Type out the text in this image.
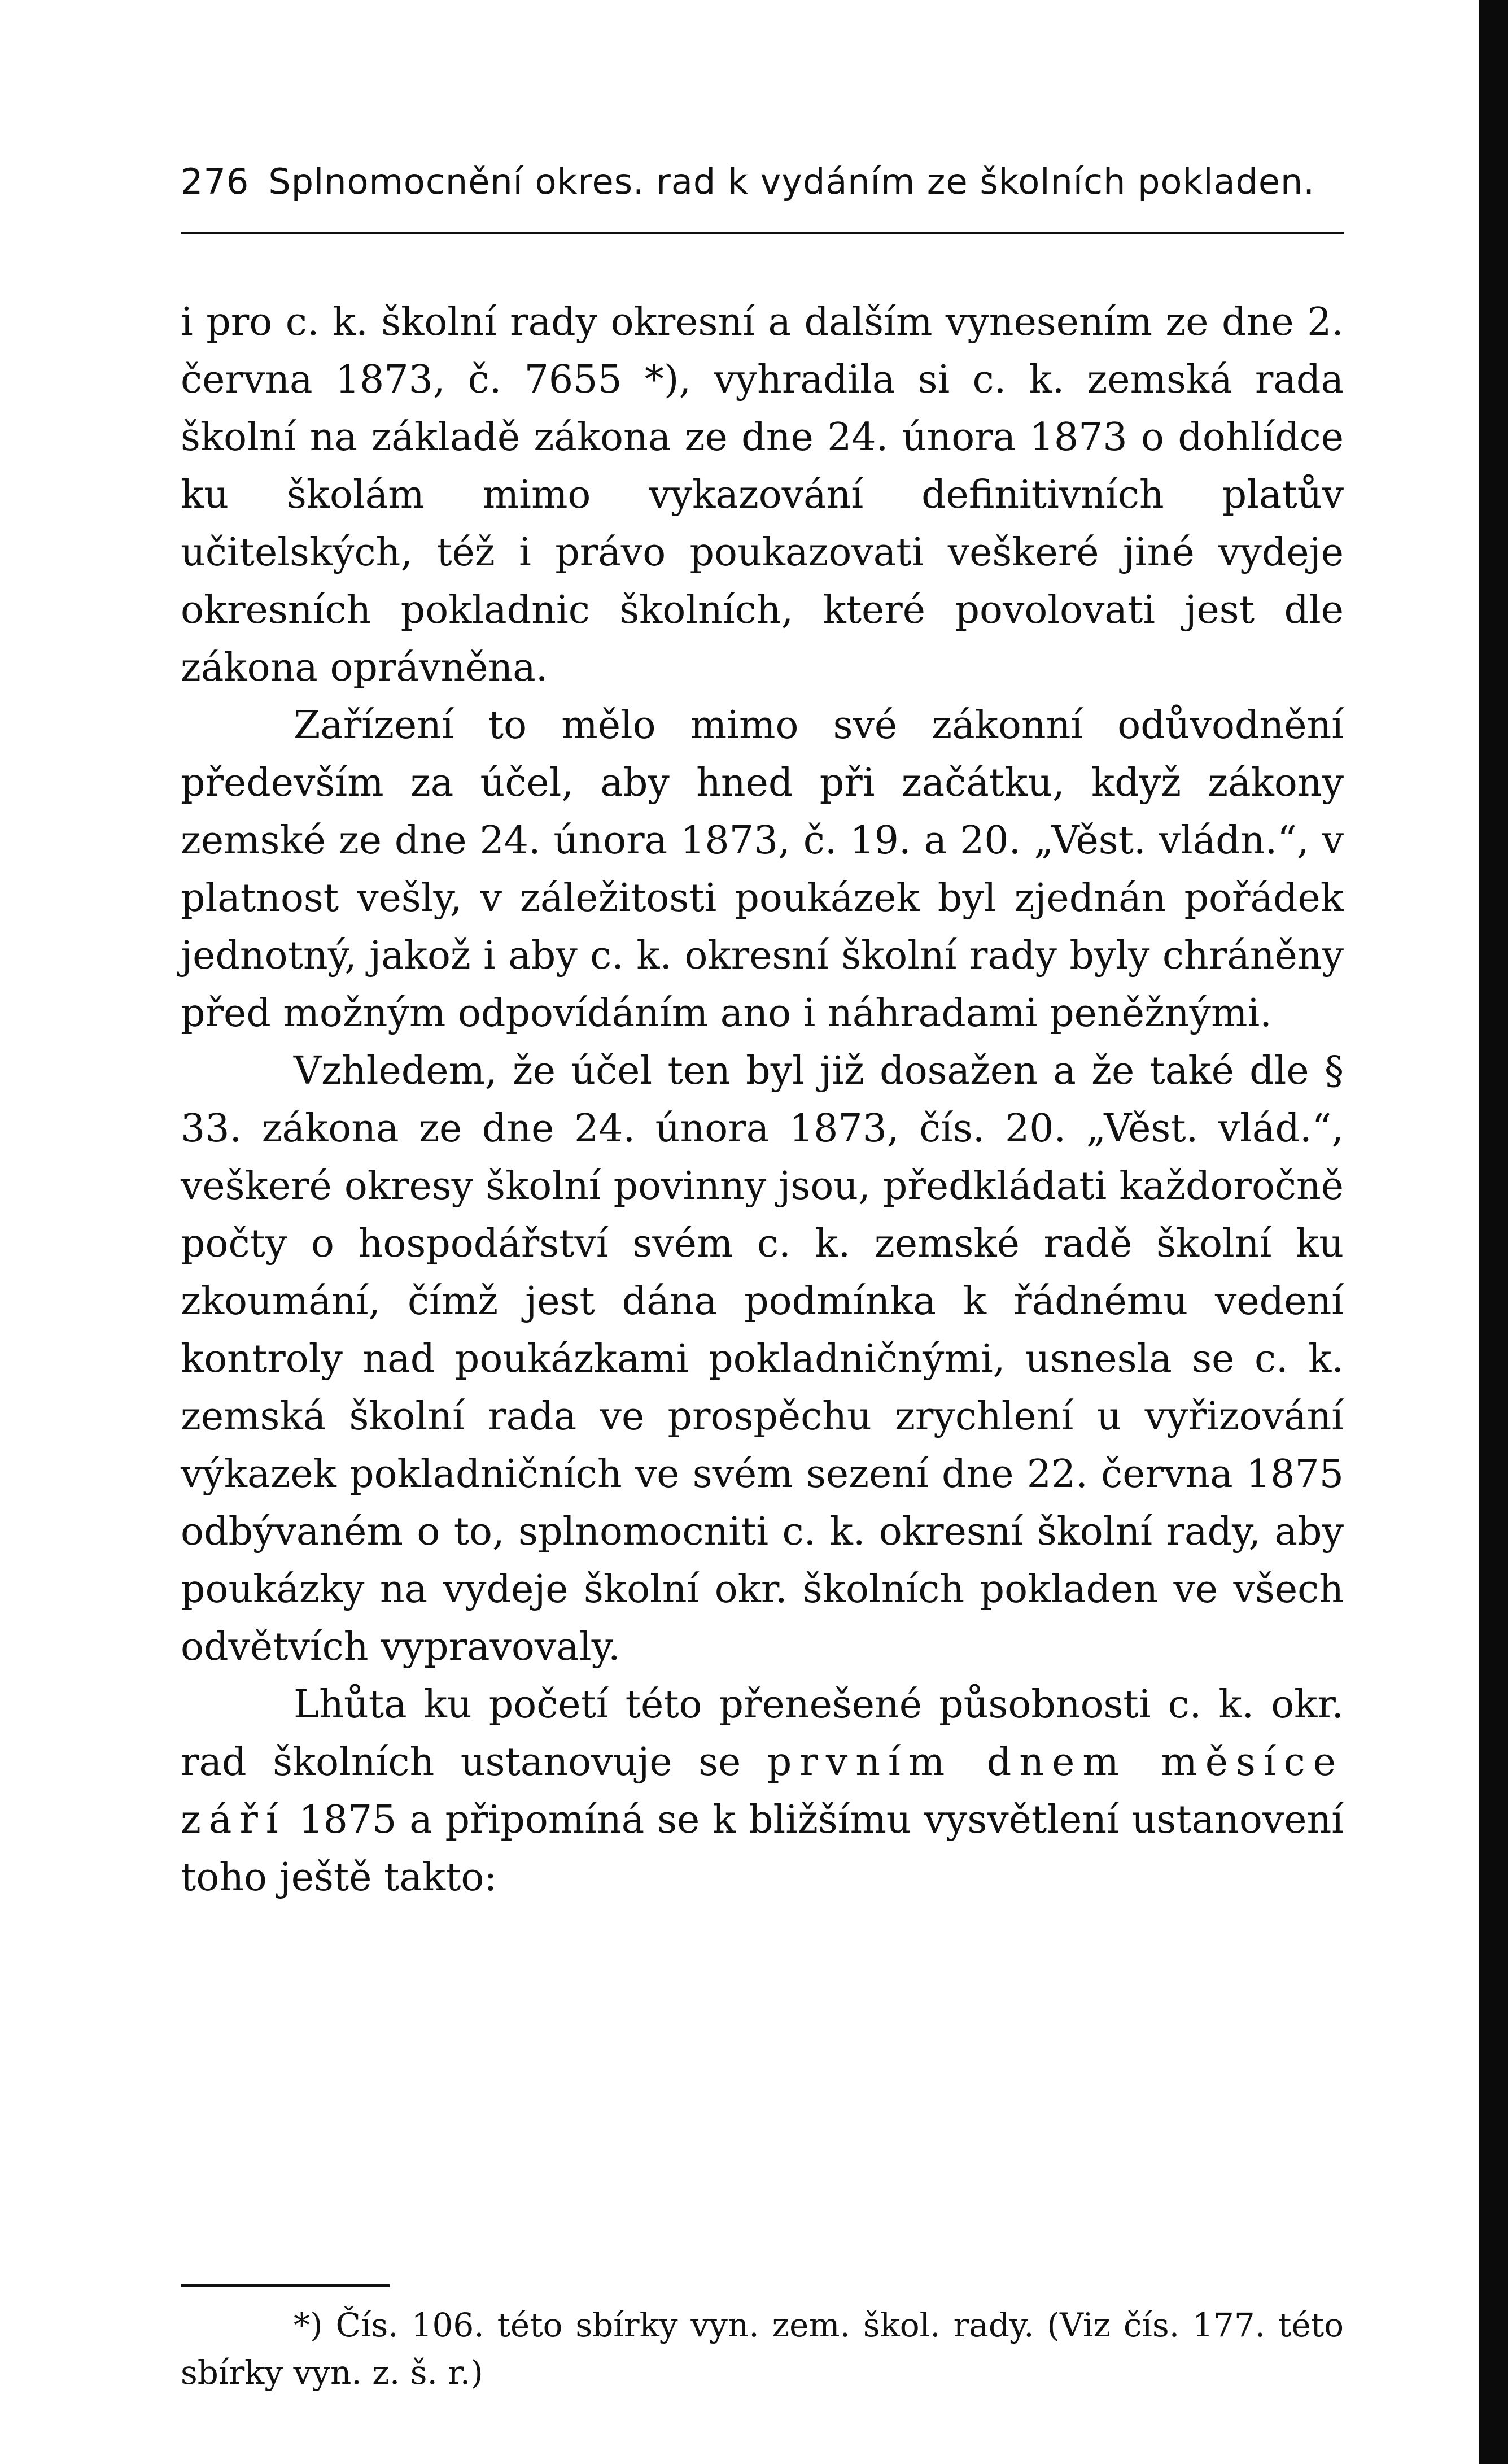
276 Splnomocnění okres. rad k vydáním ze školních pokladen.

i pro c. k. školní rady okresní a dalším vynesením ze dne 2. června 1873, č. 7655 *), vyhradila si c. k. zemská rada školní na základě zákona ze dne 24. února 1873 o dohlídce ku školám mimo vykazování definitivních platův učitelských, též i právo poukazovati veškeré jiné vydeje okresních pokladnic školních, které povolovati jest dle zákona oprávněna.

Zařízení to mělo mimo své zákonní odůvodnění především za účel, aby hned při začátku, když zákony zemské ze dne 24. února 1873, č. 19. a 20. „Věst. vládn.“, v platnost vešly, v záležitosti poukázek byl zjednán pořádek jednotný, jakož i aby c. k. okresní školní rady byly chráněny před možným odpovídáním ano i náhradami peněžnými.

Vzhledem, že účel ten byl již dosažen a že také dle § 33. zákona ze dne 24. února 1873, čís. 20. „Věst. vlád.“, veškeré okresy školní povinny jsou, předkládati každoročně počty o hospodářství svém c. k. zemské radě školní ku zkoumání, čímž jest dána podmínka k řádnému vedení kontroly nad poukázkami pokladničnými, usnesla se c. k. zemská školní rada ve prospěchu zrychlení u vyřizování výkazek pokladničních ve svém sezení dne 22. června 1875 odbývaném o to, splnomocniti c. k. okresní školní rady, aby poukázky na vydeje školní okr. školních pokladen ve všech odvětvích vypravovaly.

Lhůta ku početí této přenešené působnosti c. k. okr. rad školních ustanovuje se prvním dnem měsíce září 1875 a připomíná se k bližšímu vysvětlení ustanovení toho ještě takto:

*) Čís. 106. této sbírky vyn. zem. škol. rady. (Viz čís. 177. této sbírky vyn. z. š. r.)
